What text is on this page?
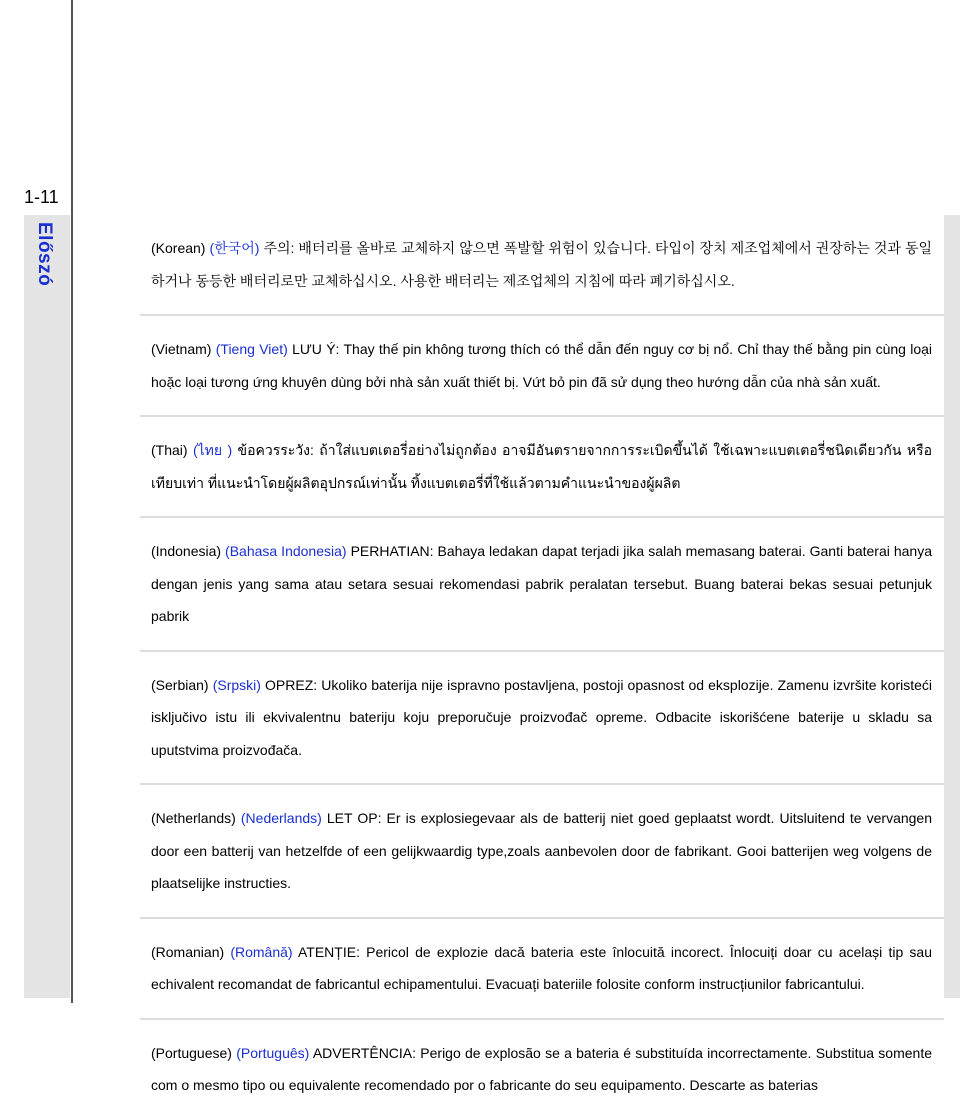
1-11
Előszó	(Korean) (한국어) 주의: 배터리를 올바로 교체하지 않으면 폭발할 위험이 있습니다. 타입이 장치 제조업체에서 권장하는 것과 동일하거나 동등한 배터리로만 교체하십시오. 사용한 배터리는 제조업체의 지침에 따라 폐기하십시오.
(Vietnam) (Tieng Viet) LƯU Ý: Thay thế pin không tương thích có thể dẫn đến nguy cơ bị nổ. Chỉ thay thế bằng pin cùng loại hoặc loại tương ứng khuyên dùng bởi nhà sản xuất thiết bị. Vứt bỏ pin đã sử dụng theo hướng dẫn của nhà sản xuất.
(Thai) (ไทย ) ข้อควรระวัง: ถ้าใส่แบตเตอรี่อย่างไม่ถูกต้อง อาจมีอันตรายจากการระเบิดขึ้นได้ ใช้เฉพาะแบตเตอรี่ชนิดเดียวกัน หรือเทียบเท่า ที่แนะนำโดยผู้ผลิตอุปกรณ์เท่านั้น ทิ้งแบตเตอรี่ที่ใช้แล้วตามคำแนะนำของผู้ผลิต
(Indonesia) (Bahasa Indonesia) PERHATIAN: Bahaya ledakan dapat terjadi jika salah memasang baterai. Ganti baterai hanya dengan jenis yang sama atau setara sesuai rekomendasi pabrik peralatan tersebut. Buang baterai bekas sesuai petunjuk pabrik
(Serbian) (Srpski) OPREZ: Ukoliko baterija nije ispravno postavljena, postoji opasnost od eksplozije. Zamenu izvršite koristeći isključivo istu ili ekvivalentnu bateriju koju preporučuje proizvođač opreme. Odbacite iskorišćene baterije u skladu sa uputstvima proizvođača.
(Netherlands) (Nederlands) LET OP: Er is explosiegevaar als de batterij niet goed geplaatst wordt. Uitsluitend te vervangen door een batterij van hetzelfde of een gelijkwaardig type,zoals aanbevolen door de fabrikant. Gooi batterijen weg volgens de plaatselijke instructies.
(Romanian) (Română) ATENȚIE: Pericol de explozie dacă bateria este înlocuită incorect. Înlocuiți doar cu același tip sau echivalent recomandat de fabricantul echipamentului. Evacuați bateriile folosite conform instrucțiunilor fabricantului.
(Portuguese) (Português) ADVERTÊNCIA: Perigo de explosão se a bateria é substituída incorrectamente. Substitua somente com o mesmo tipo ou equivalente recomendado por o fabricante do seu equipamento. Descarte as baterias
